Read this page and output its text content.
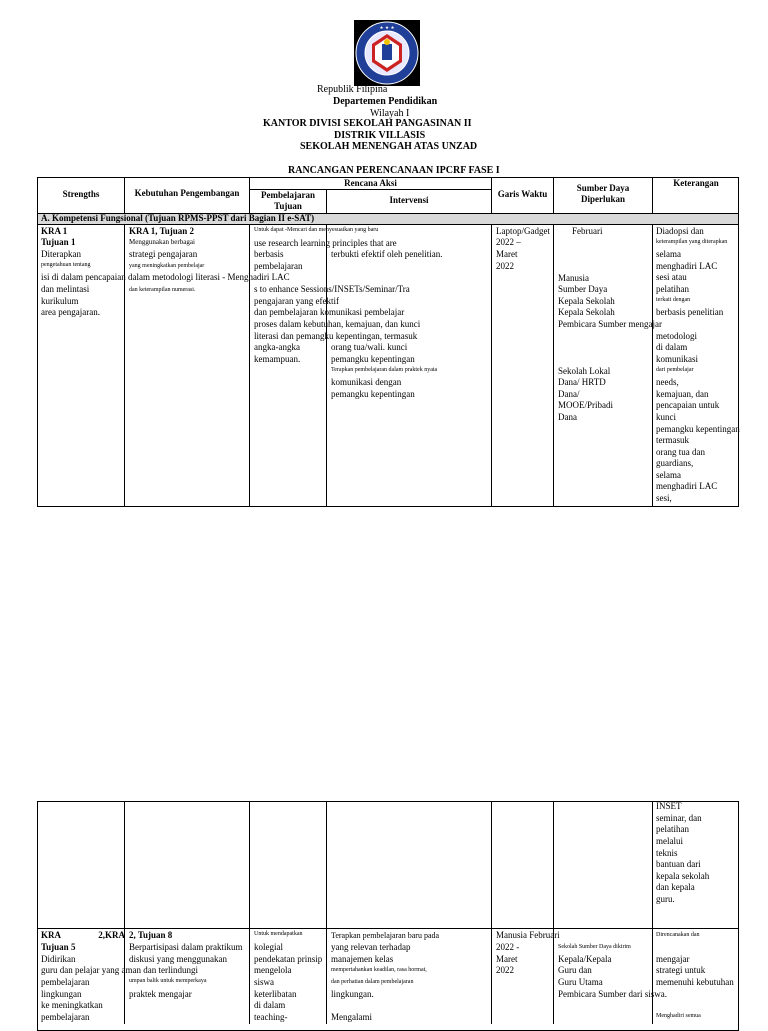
★ ★ ★
Republik Filipina
Departemen Pendidikan
Wilayah I
KANTOR DIVISI SEKOLAH PANGASINAN II
DISTRIK VILLASIS
SEKOLAH MENENGAH ATAS UNZAD
RANCANGAN PERENCANAAN IPCRF FASE I
Strengths	Kebutuhan Pengembangan
Rencana Aksi
Pembelajaran Tujuan
Intervensi
Garis Waktu
Sumber Daya Diperlukan
Keterangan
A. Kompetensi Fungsional (Tujuan RPMS-PPST dari Bagian II e-SAT)
KRA 1
Tujuan 1
Diterapkan
pengetahuan tentang
isi di dalam pencapaian dalam metodologi literasi - Menghadiri LAC
dan melintasi
kurikulum
area pengajaran.
KRA 1, Tujuan 2
Menggunakan berbagai
strategi pengajaran
yang meningkatkan pembelajar
dan keterampilan numerasi.
Untuk dapat -Mencari dan menyesuaikan yang baru
use research learning principles that are
berbasis
pembelajaran
s to enhance Sessions/INSETs/Seminar/Tra
pengajaran yang efektif
dan pembelajaran komunikasi pembelajar
proses dalam kebutuhan, kemajuan, dan kunci
literasi dan pemangku kepentingan, termasuk
angka-angka
kemampuan.
terbukti efektif oleh penelitian.
orang tua/wali. kunci
pemangku kepentingan
Terapkan pembelajaran dalam praktek nyata
komunikasi dengan
pemangku kepentingan
Laptop/Gadget
2022 –
Maret
2022
Februari
Manusia
Sumber Daya
Kepala Sekolah
Kepala Sekolah
Pembicara Sumber mengajar
Sekolah Lokal
Dana/ HRTD
Dana/
MOOE/Pribadi
Dana
Diadopsi dan
keterampilan yang diterapkan
selama
menghadiri LAC
sesi atau
pelatihan
terkait dengan
berbasis penelitian
metodologi
di dalam
komunikasi
dari pembelajar
needs,
kemajuan, dan
pencapaian untuk
kunci
pemangku kepentingan
termasuk
orang tua dan
guardians,
selama
menghadiri LAC
sesi,
INSET
seminar, dan
pelatihan
melalui
teknis
bantuan dari
kepala sekolah
dan kepala
guru.
KRA 2,KRA
Tujuan 5
Didirikan
guru dan pelajar yang aman dan terlindungi
pembelajaran
lingkungan
ke meningkatkan
pembelajaran
2, Tujuan 8
Berpartisipasi dalam praktikum
diskusi yang menggunakan
umpan balik untuk memperkaya
praktek mengajar
Untuk mendapatkan
kolegial
pendekatan prinsip
mengelola
siswa
keterlibatan
di dalam
teaching-
Terapkan pembelajaran baru pada
yang relevan terhadap
manajemen kelas
mempertahankan keadilan, rasa hormat,
dan perhatian dalam pembelajaran
lingkungan.
Mengalami
Manusia Februari
2022 -
Maret
2022
Sekolah Sumber Daya dikirim
Kepala/Kepala
Guru dan
Guru Utama
Pembicara Sumber dari siswa.
Direncanakan dan
mengajar
strategi untuk
memenuhi kebutuhan
Menghadiri semua
